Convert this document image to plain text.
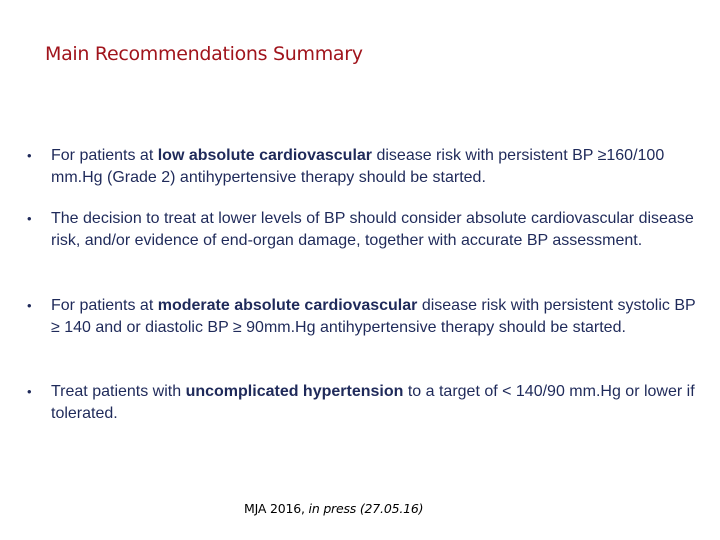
Main Recommendations Summary
•	For patients at low absolute cardiovascular disease risk with persistent BP ≥160/100 mm.Hg (Grade 2) antihypertensive therapy should be started.
•	The decision to treat at lower levels of BP should consider absolute cardiovascular disease risk, and/or evidence of end-organ damage, together with accurate BP assessment.
•	For patients at moderate absolute cardiovascular disease risk with persistent systolic BP ≥ 140 and or diastolic BP ≥ 90mm.Hg antihypertensive therapy should be started.
•	Treat patients with uncomplicated hypertension to a target of < 140/90 mm.Hg or lower if tolerated.
MJA 2016, in press (27.05.16)
